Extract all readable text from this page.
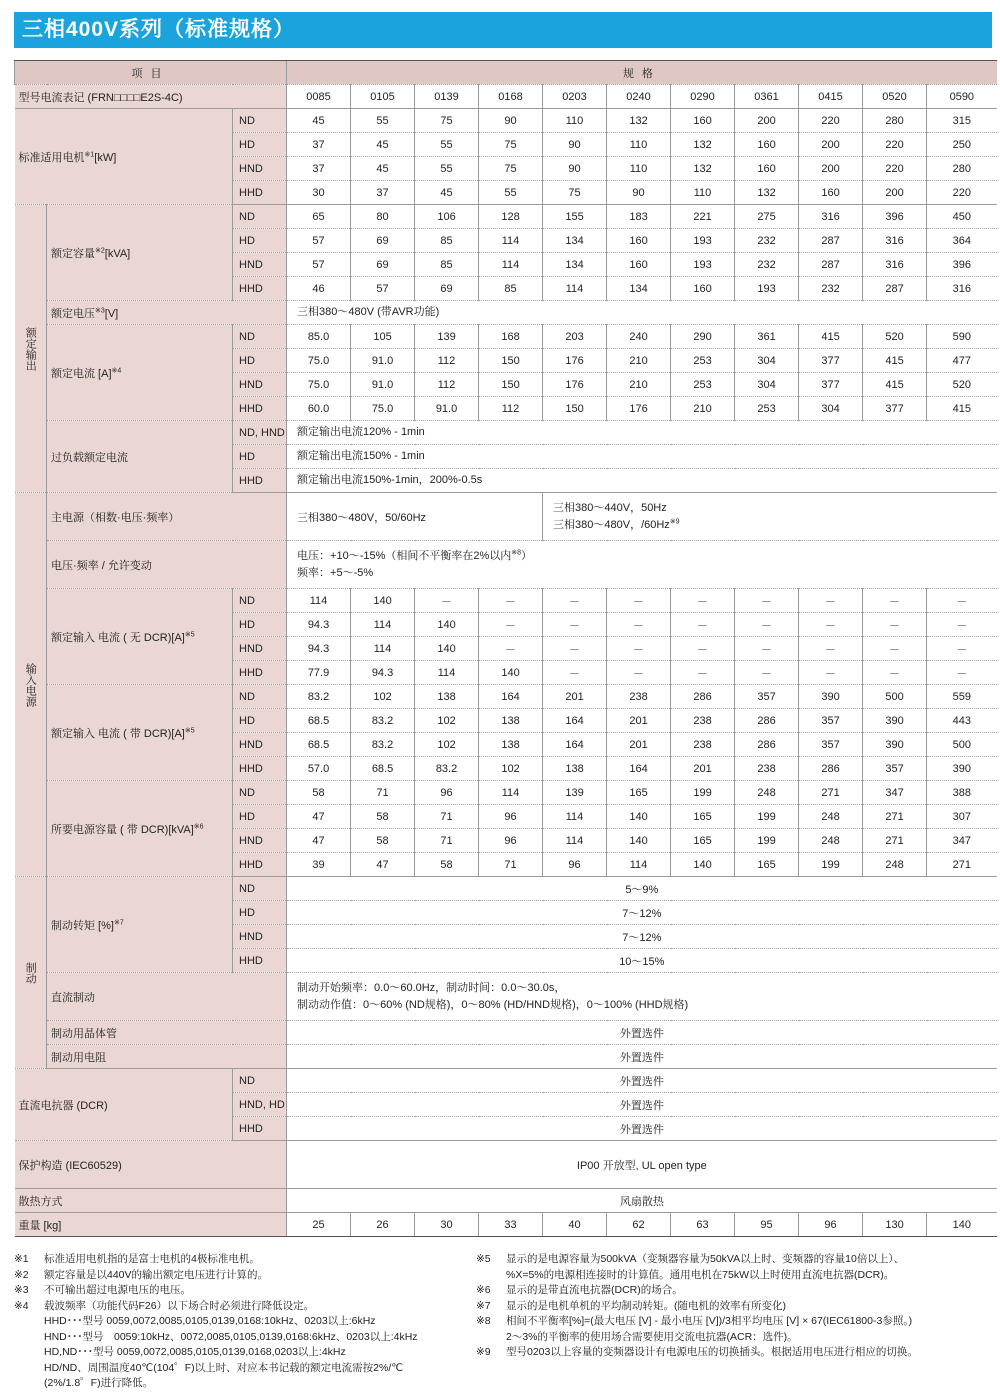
三相400V系列（标准规格）
项目			规格										
型号电流表记 (FRN□□□□E2S-4C)			0085	0105	0139	0168	0203	0240	0290	0361	0415	0520	0590
标准适用电机$^{※1}$[kW]		ND	45	55	75	90	110	132	160	200	220	280	315
		HD	37	45	55	75	90	110	132	160	200	220	250
		HND	37	45	55	75	90	110	132	160	200	220	280
		HHD	30	37	45	55	75	90	110	132	160	200	220
额定输出	额定容量$^{※2}$[kVA]	ND	65	80	106	128	155	183	221	275	316	396	450
		HD	57	69	85	114	134	160	193	232	287	316	364
		HND	57	69	85	114	134	160	193	232	287	316	396
		HHD	46	57	69	85	114	134	160	193	232	287	316
	额定电压$^{※3}$[V]		三相380～480V (带AVR功能)										
	额定电流 $[A]^{※4}$	ND	85.0	105	139	168	203	240	290	361	415	520	590
		HD	75.0	91.0	112	150	176	210	253	304	377	415	477
		HND	75.0	91.0	112	150	176	210	253	304	377	415	520
		HHD	60.0	75.0	91.0	112	150	176	210	253	304	377	415
	过负载额定电流	ND, HND	额定输出电流120% - 1min										
		HD	额定输出电流150% - 1min										
		HHD	额定输出电流150%-1min，200%-0.5s										
输入电源	主电源（相数·电压·频率）		三相380～480V，50/60Hz				三相380～440V，50Hz
三相380～480V，/60Hz$^{※9}$

	电压·频率 / 允许变动		电压：+10～-15%（相间不平衡率在2%以内$^{※8}$）
频率：+5～-5%										

	额定输入 电流 ( 无 $DCR)[A]^{※5}$	ND	114	140	－	－	－	－	－	－	－	－	－
		HD	94.3	114	140	－	－	－	－	－	－	－	－
		HND	94.3	114	140	－	－	－	－	－	－	－	－
		HHD	77.9	94.3	114	140	－	－	－	－	－	－	－
	额定输入 电流 ( 带 $DCR)[A]^{※5}$	ND	83.2	102	138	164	201	238	286	357	390	500	559
		HD	68.5	83.2	102	138	164	201	238	286	357	390	443
		HND	68.5	83.2	102	138	164	201	238	286	357	390	500
		HHD	57.0	68.5	83.2	102	138	164	201	238	286	357	390
	所要电源容量 ( 带 DCR)[kVA]$^{※6}$	ND	58	71	96	114	139	165	199	248	271	347	388
		HD	47	58	71	96	114	140	165	199	248	271	307
		HND	47	58	71	96	114	140	165	199	248	271	347
		HHD	39	47	58	71	96	114	140	165	199	248	271
制动	制动转矩 [%]$^{※7}$	ND	5～9%										
		HD	7～12%										
		HND	7～12%										
		HHD	10～15%										
	直流制动		制动开始频率：0.0～60.0Hz，制动时间：0.0～30.0s，
制动动作值：0～60% (ND规格)，0～80% (HD/HND规格)，0～100% (HHD规格)										

	制动用晶体管		外置选件										
	制动用电阻		外置选件										
直流电抗器 (DCR)		ND	外置选件										
		HND, HD	外置选件										
		HHD	外置选件										
保护构造 (IEC60529)			IP00 开放型, UL open type										
散热方式			风扇散热										
重量 [kg]			25	26	30	33	40	62	63	95	96	130	140
※1	标准适用电机指的是富士电机的4极标准电机。
※2	额定容量是以440V的输出额定电压进行计算的。
※3	不可输出超过电源电压的电压。
※4	载波频率（功能代码F26）以下场合时必须进行降低设定。
HHD･･･型号 0059,0072,0085,0105,0139,0168:10kHz、0203以上:6kHz
HND･･･型号　0059:10kHz、0072,0085,0105,0139,0168:6kHz、0203以上:4kHz
HD,ND･･･型号 0059,0072,0085,0105,0139,0168,0203以上:4kHz
HD/ND、周围温度40℃(104゜F)以上时、对应本书记载的额定电流需按2%/℃
(2%/1.8゜F)进行降低。
※5	显示的是电源容量为500kVA（变频器容量为50kVA以上时、变频器的容量10倍以上）、
%X=5%的电源相连接时的计算值。通用电机在75kW以上时使用直流电抗器(DCR)。
※6	显示的是带直流电抗器(DCR)的场合。
※7	显示的是电机单机的平均制动转矩。(随电机的效率有所变化)
※8	相间不平衡率[%]=(最大电压 [V] - 最小电压 [V])/3相平均电压 [V] × 67(IEC61800-3参照。)
2～3%的平衡率的使用场合需要使用交流电抗器(ACR：选件)。
※9	型号0203以上容量的变频器设计有电源电压的切换插头。根据适用电压进行相应的切换。
